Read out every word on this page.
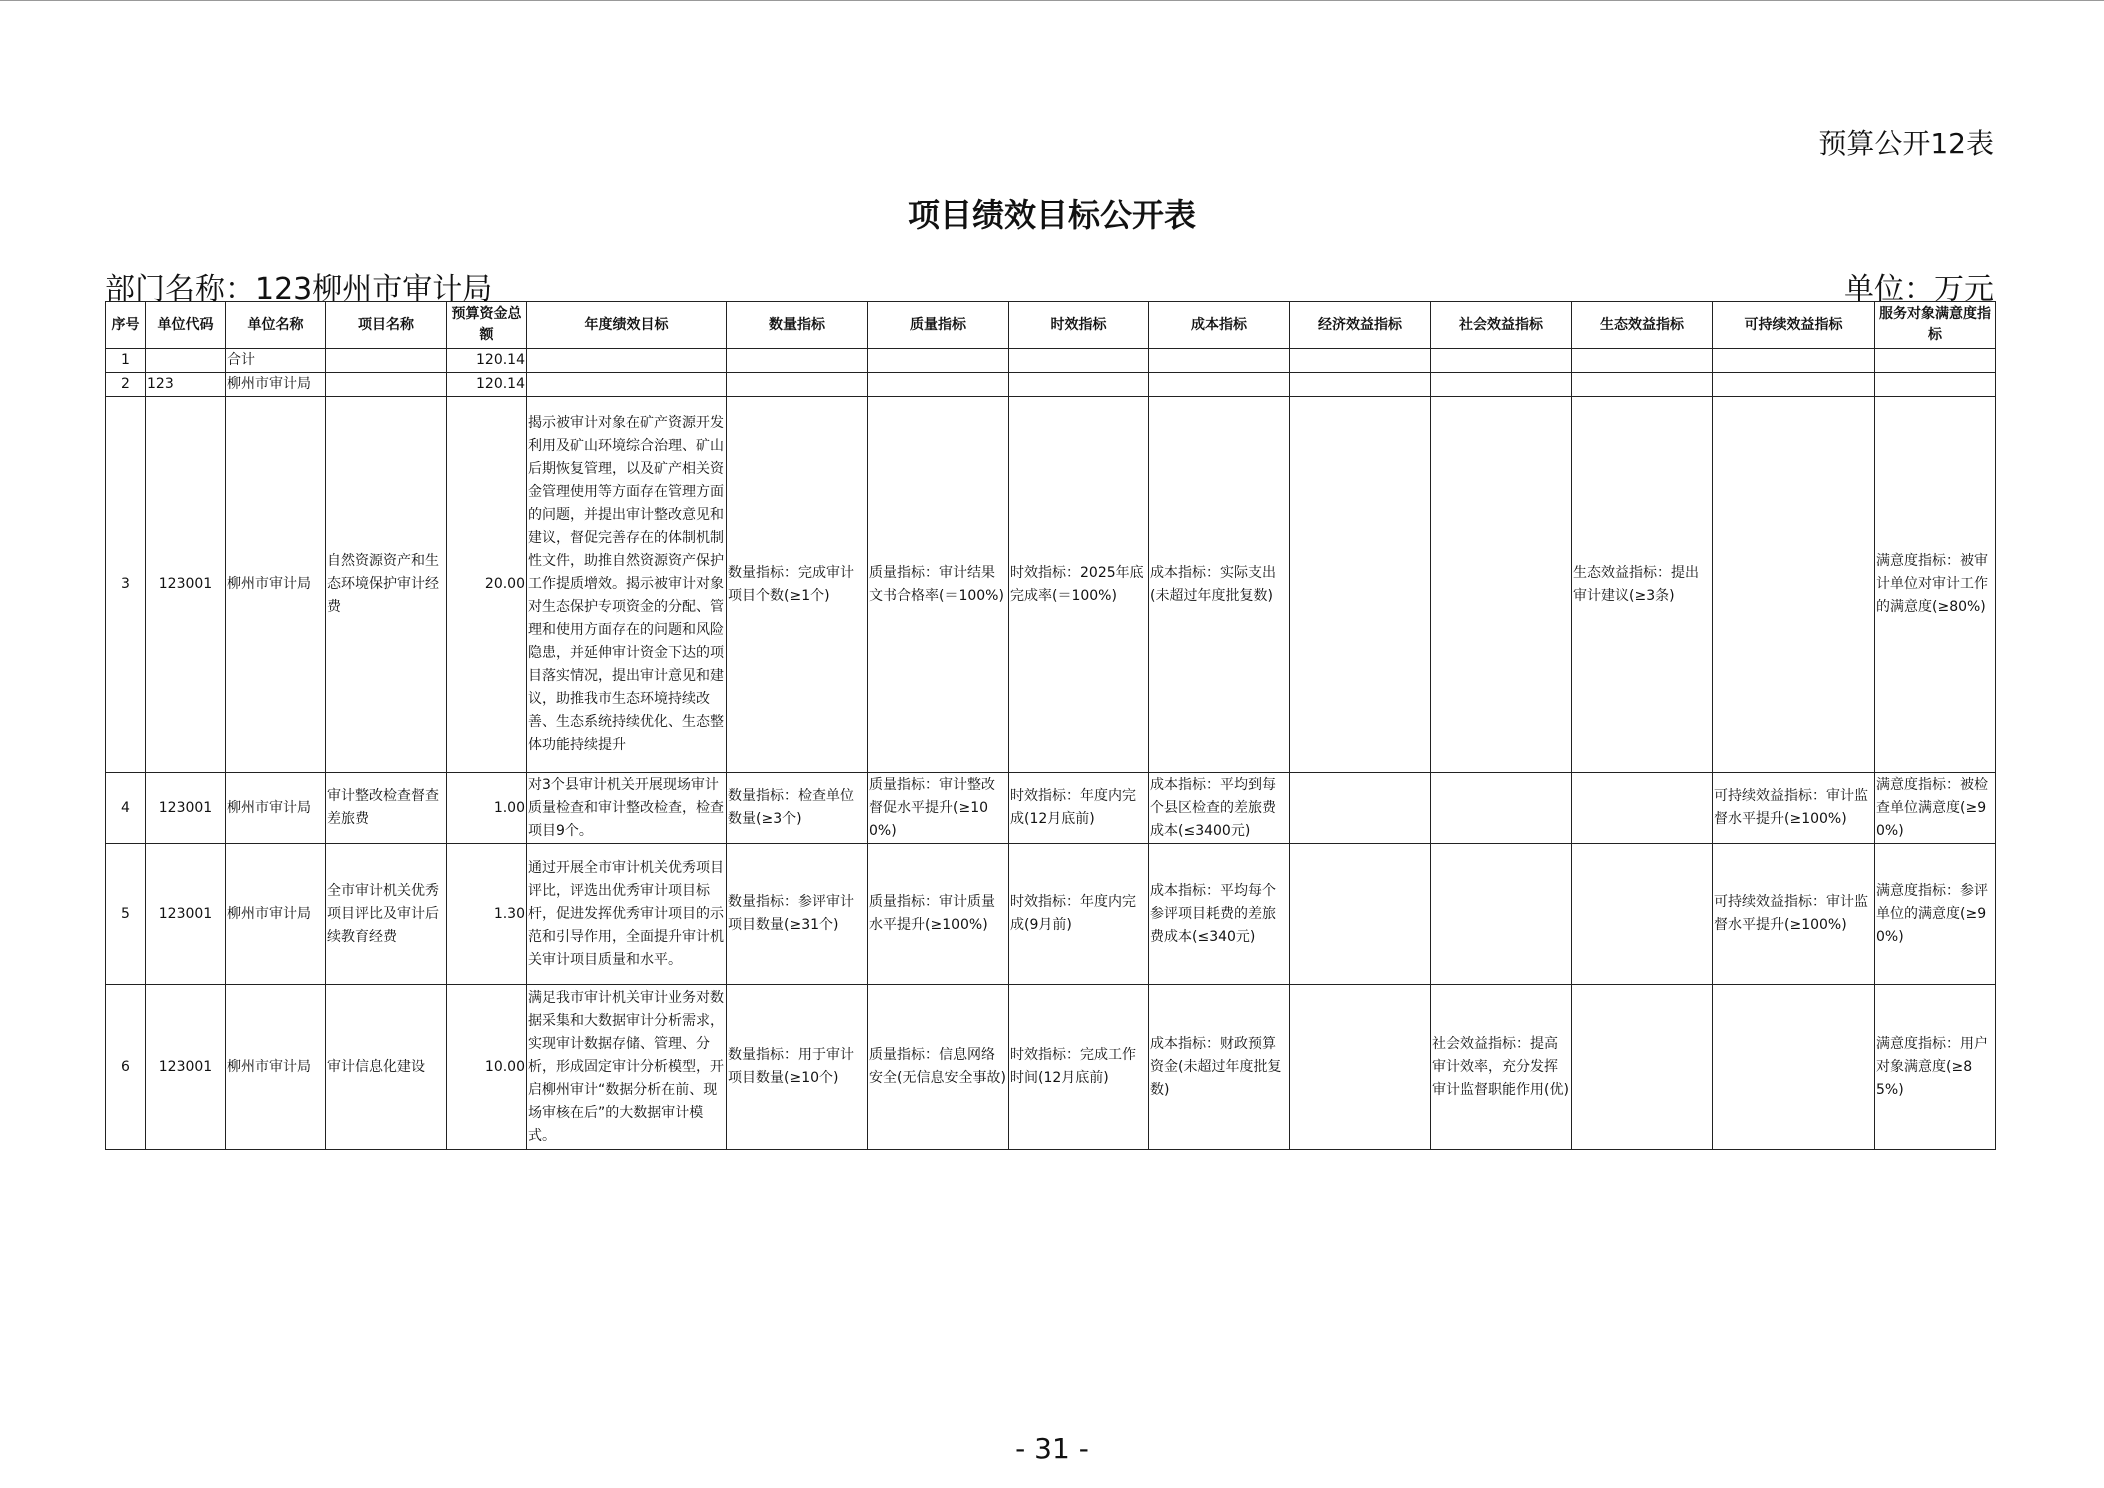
预算公开12表
项目绩效目标公开表
部门名称：123柳州市审计局	单位：万元
序号	单位代码	单位名称	项目名称	预算资金总额	年度绩效目标	数量指标	质量指标	时效指标	成本指标	经济效益指标	社会效益指标	生态效益指标	可持续效益指标	服务对象满意度指标
1		合计		120.14										
2	123	柳州市审计局		120.14										
3	123001	柳州市审计局	自然资源资产和生态环境保护审计经费	20.00	揭示被审计对象在矿产资源开发利用及矿山环境综合治理、矿山后期恢复管理，以及矿产相关资金管理使用等方面存在管理方面的问题，并提出审计整改意见和建议，督促完善存在的体制机制性文件，助推自然资源资产保护工作提质增效。揭示被审计对象对生态保护专项资金的分配、管理和使用方面存在的问题和风险隐患，并延伸审计资金下达的项目落实情况，提出审计意见和建议，助推我市生态环境持续改善、生态系统持续优化、生态整体功能持续提升	数量指标：完成审计项目个数(≥1个)	质量指标：审计结果文书合格率(＝100%)	时效指标：2025年底完成率(＝100%)	成本指标：实际支出(未超过年度批复数)			生态效益指标：提出审计建议(≥3条)		满意度指标：被审计单位对审计工作的满意度(≥80%)
4	123001	柳州市审计局	审计整改检查督查差旅费	1.00	对3个县审计机关开展现场审计质量检查和审计整改检查，检查项目9个。	数量指标：检查单位数量(≥3个)	质量指标：审计整改督促水平提升(≥100%)	时效指标：年度内完成(12月底前)	成本指标：平均到每个县区检查的差旅费成本(≤3400元)				可持续效益指标：审计监督水平提升(≥100%)	满意度指标：被检查单位满意度(≥90%)
5	123001	柳州市审计局	全市审计机关优秀项目评比及审计后续教育经费	1.30	通过开展全市审计机关优秀项目评比，评选出优秀审计项目标杆，促进发挥优秀审计项目的示范和引导作用，全面提升审计机关审计项目质量和水平。	数量指标：参评审计项目数量(≥31个)	质量指标：审计质量水平提升(≥100%)	时效指标：年度内完成(9月前)	成本指标：平均每个参评项目耗费的差旅费成本(≤340元)				可持续效益指标：审计监督水平提升(≥100%)	满意度指标：参评单位的满意度(≥90%)
6	123001	柳州市审计局	审计信息化建设	10.00	满足我市审计机关审计业务对数据采集和大数据审计分析需求，实现审计数据存储、管理、分析，形成固定审计分析模型，开启柳州审计“数据分析在前、现场审核在后”的大数据审计模式。	数量指标：用于审计项目数量(≥10个)	质量指标：信息网络安全(无信息安全事故)	时效指标：完成工作时间(12月底前)	成本指标：财政预算资金(未超过年度批复数)		社会效益指标：提高审计效率，充分发挥审计监督职能作用(优)			满意度指标：用户对象满意度(≥85%)
- 31 -
